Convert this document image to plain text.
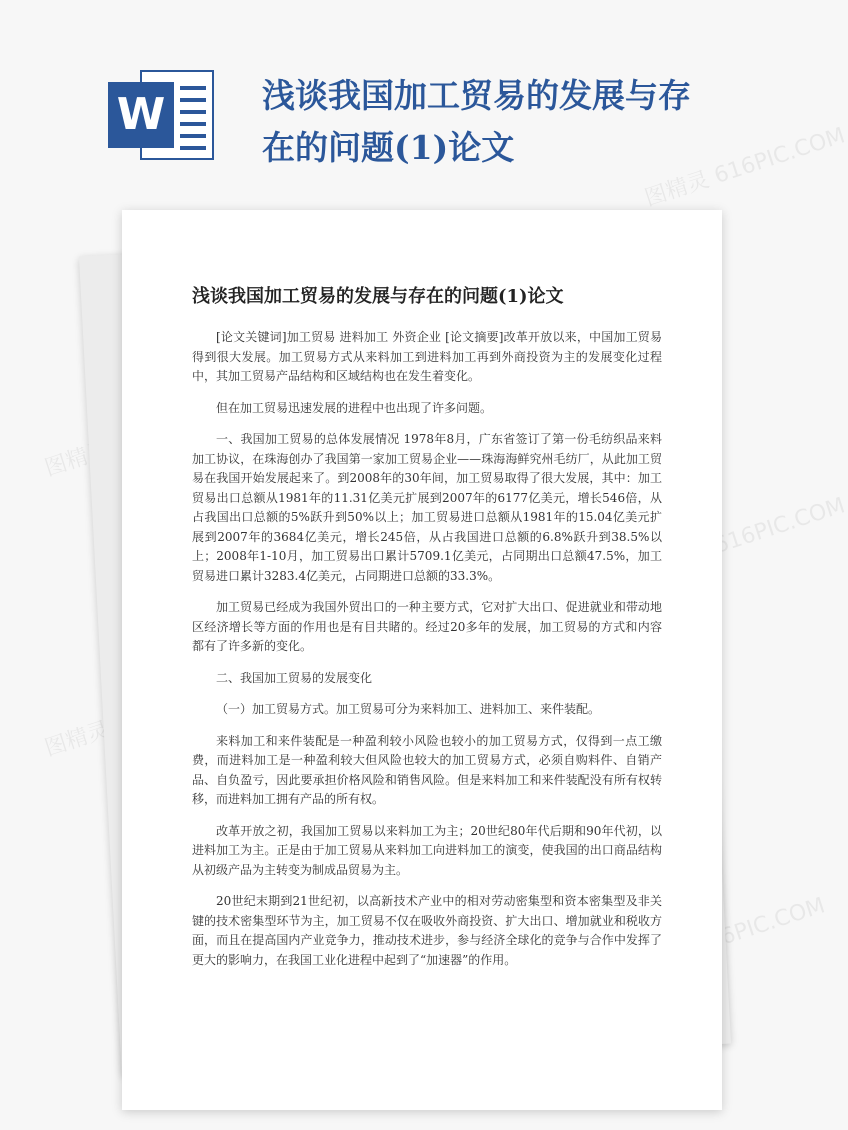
W	浅谈我国加工贸易的发展与存在的问题(1)论文	图精灵 616PIC.COM
图精灵
图精灵 616PIC.COM
图精灵
616PIC.COM
浅谈我国加工贸易的发展与存在的问题(1)论文

[论文关键词]加工贸易 进料加工 外资企业 [论文摘要]改革开放以来，中国加工贸易得到很大发展。加工贸易方式从来料加工到进料加工再到外商投资为主的发展变化过程中，其加工贸易产品结构和区域结构也在发生着变化。

但在加工贸易迅速发展的进程中也出现了许多问题。

一、我国加工贸易的总体发展情况 1978年8月，广东省签订了第一份毛纺织品来料加工协议，在珠海创办了我国第一家加工贸易企业——珠海海鲜究州毛纺厂，从此加工贸易在我国开始发展起来了。到2008年的30年间，加工贸易取得了很大发展，其中：加工贸易出口总额从1981年的11.31亿美元扩展到2007年的6177亿美元，增长546倍，从占我国出口总额的5%跃升到50%以上；加工贸易进口总额从1981年的15.04亿美元扩展到2007年的3684亿美元，增长245倍，从占我国进口总额的6.8%跃升到38.5%以上；2008年1-10月，加工贸易出口累计5709.1亿美元，占同期出口总额47.5%，加工贸易进口累计3283.4亿美元，占同期进口总额的33.3%。

加工贸易已经成为我国外贸出口的一种主要方式，它对扩大出口、促进就业和带动地区经济增长等方面的作用也是有目共睹的。经过20多年的发展，加工贸易的方式和内容都有了许多新的变化。

二、我国加工贸易的发展变化

（一）加工贸易方式。加工贸易可分为来料加工、进料加工、来件装配。

来料加工和来件装配是一种盈利较小风险也较小的加工贸易方式，仅得到一点工缴费，而进料加工是一种盈利较大但风险也较大的加工贸易方式，必须自购料件、自销产品、自负盈亏，因此要承担价格风险和销售风险。但是来料加工和来件装配没有所有权转移，而进料加工拥有产品的所有权。

改革开放之初，我国加工贸易以来料加工为主；20世纪80年代后期和90年代初，以进料加工为主。正是由于加工贸易从来料加工向进料加工的演变，使我国的出口商品结构从初级产品为主转变为制成品贸易为主。

20世纪末期到21世纪初，以高新技术产业中的相对劳动密集型和资本密集型及非关键的技术密集型环节为主，加工贸易不仅在吸收外商投资、扩大出口、增加就业和税收方面，而且在提高国内产业竞争力，推动技术进步，参与经济全球化的竞争与合作中发挥了更大的影响力，在我国工业化进程中起到了“加速器”的作用。
